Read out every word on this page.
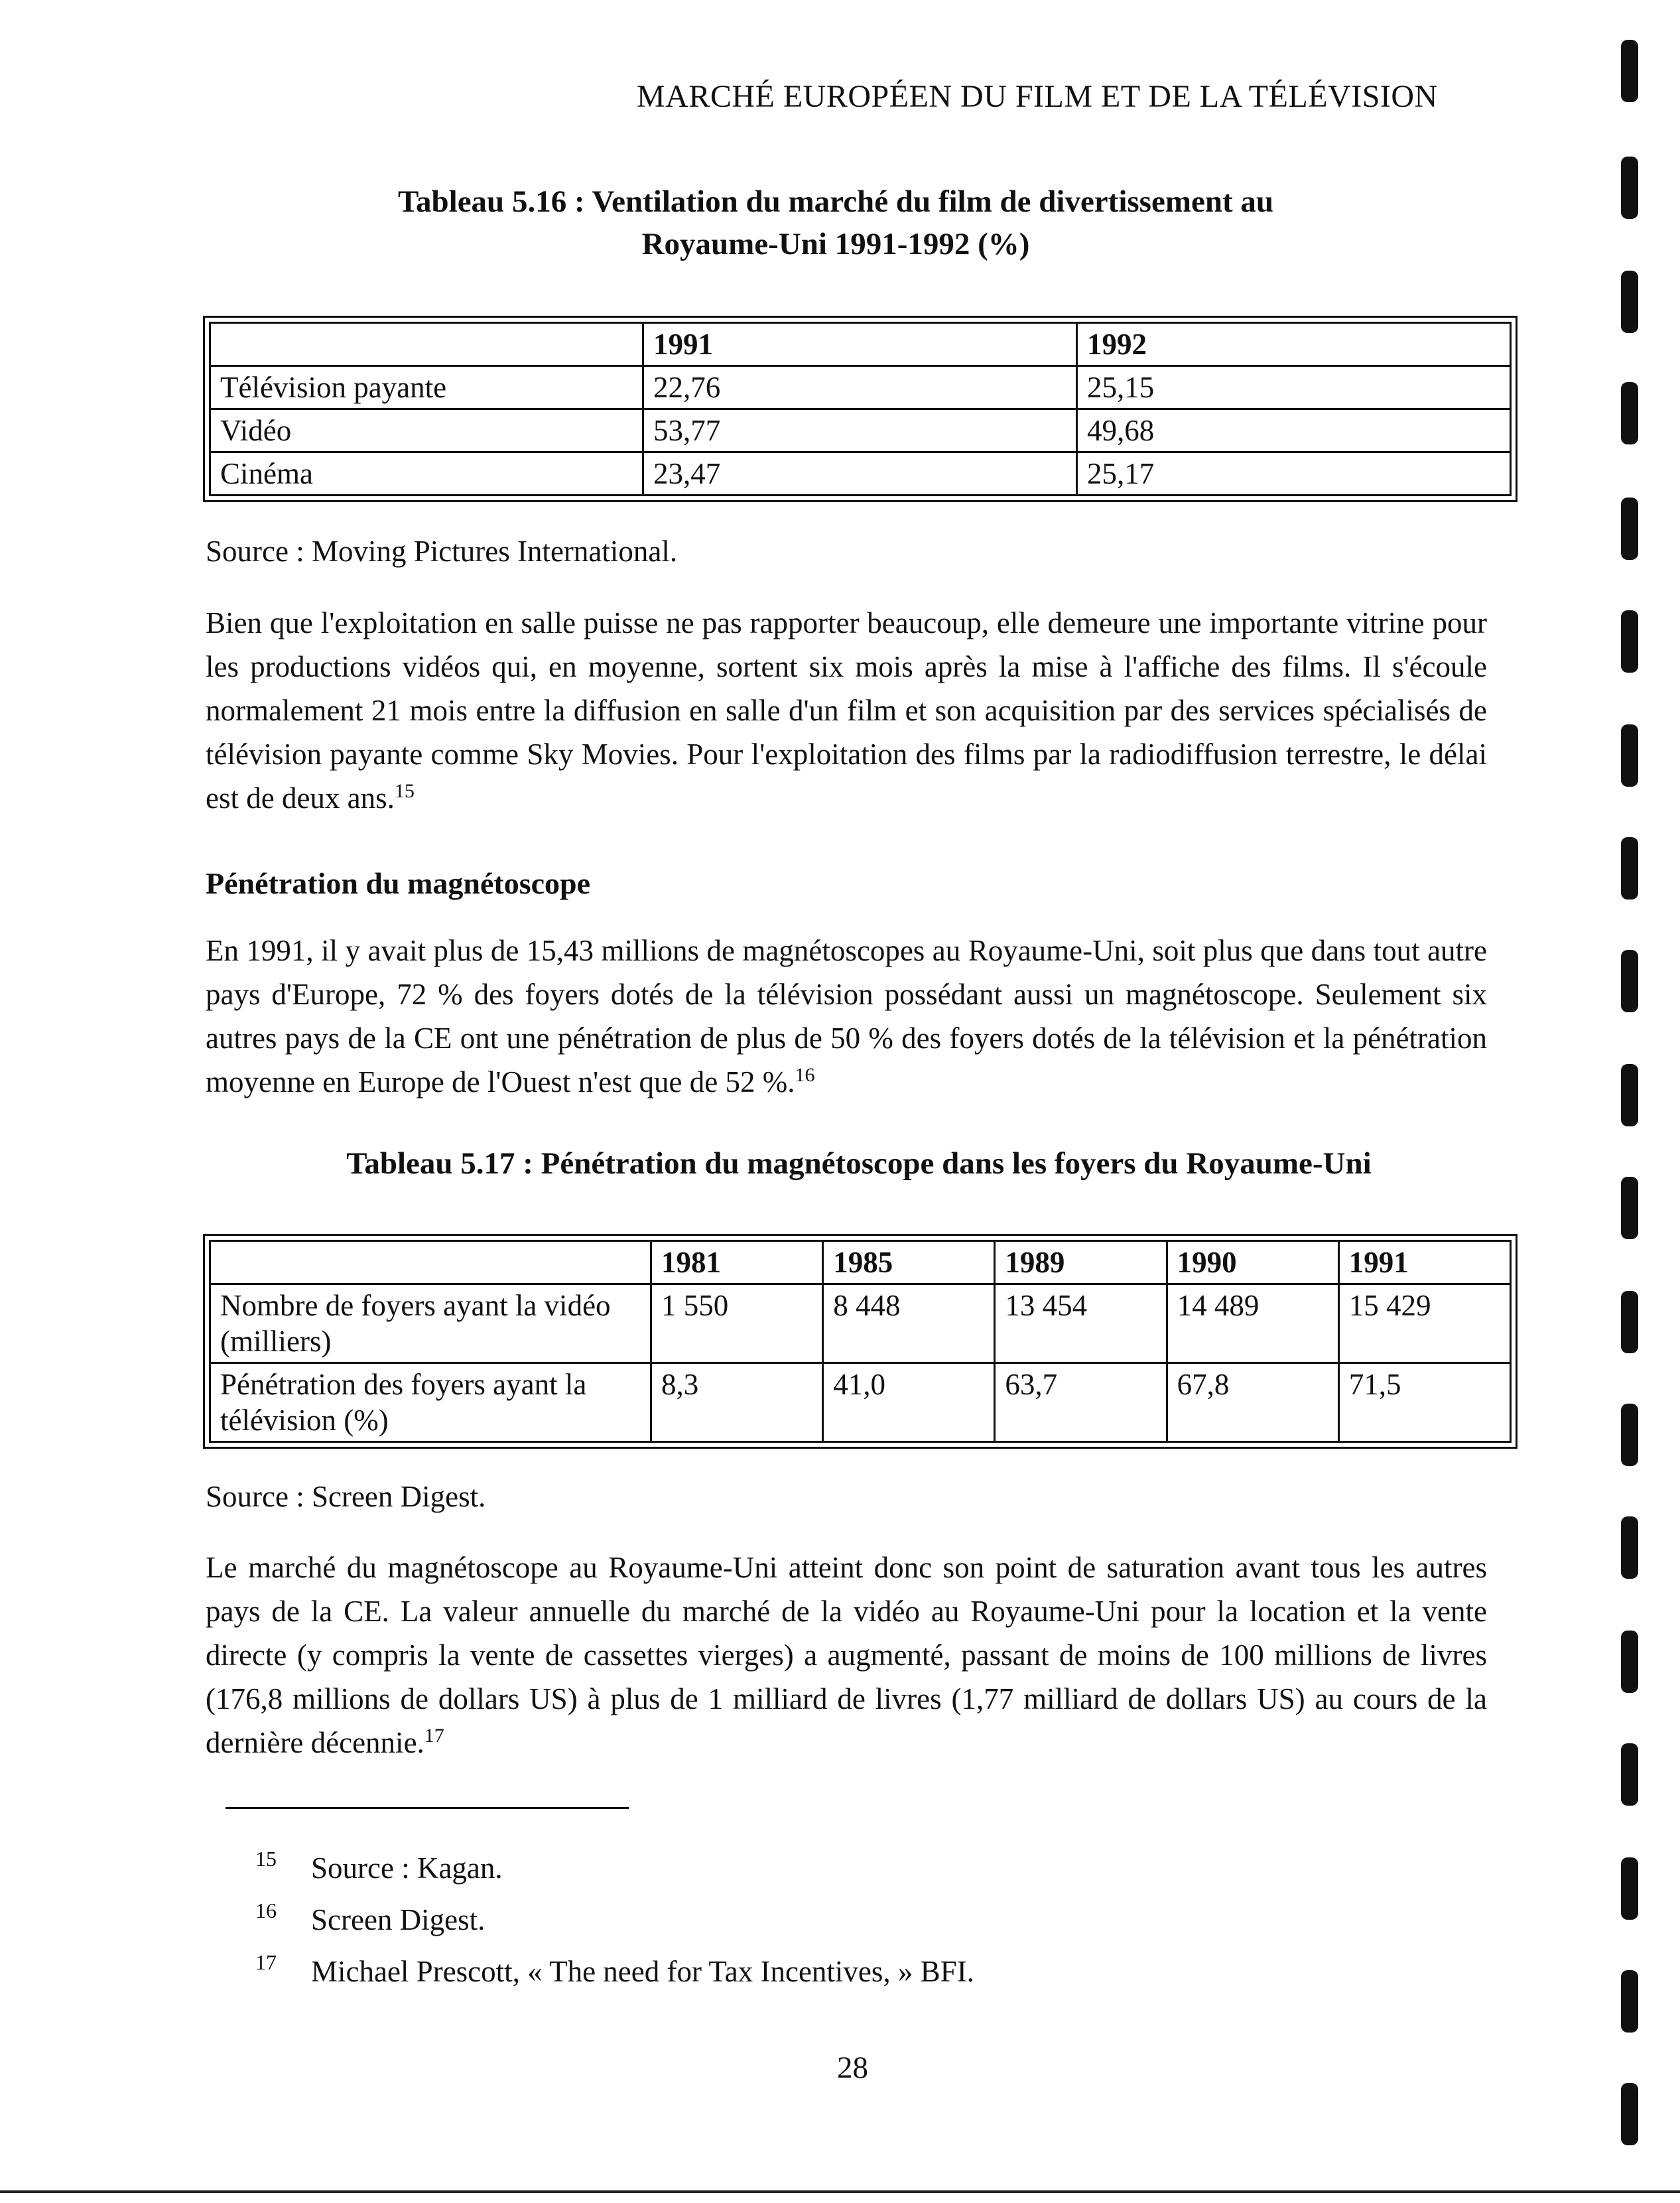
MARCHÉ EUROPÉEN DU FILM ET DE LA TÉLÉVISION
Tableau 5.16 : Ventilation du marché du film de divertissement au
Royaume-Uni 1991-1992 (%)
	1991	1992
Télévision payante	22,76	25,15
Vidéo	53,77	49,68
Cinéma	23,47	25,17
Source : Moving Pictures International.
Bien que l'exploitation en salle puisse ne pas rapporter beaucoup, elle demeure une importante vitrine pour les productions vidéos qui, en moyenne, sortent six mois après la mise à l'affiche des films. Il s'écoule normalement 21 mois entre la diffusion en salle d'un film et son acquisition par des services spécialisés de télévision payante comme Sky Movies. Pour l'exploitation des films par la radiodiffusion terrestre, le délai est de deux ans.$^{15}$
Pénétration du magnétoscope
En 1991, il y avait plus de 15,43 millions de magnétoscopes au Royaume-Uni, soit plus que dans tout autre pays d'Europe, 72 % des foyers dotés de la télévision possédant aussi un magnétoscope. Seulement six autres pays de la CE ont une pénétration de plus de 50 % des foyers dotés de la télévision et la pénétration moyenne en Europe de l'Ouest n'est que de 52 %.$^{16}$
Tableau 5.17 : Pénétration du magnétoscope dans les foyers du Royaume-Uni
	1981	1985	1989	1990	1991
Nombre de foyers ayant la vidéo (milliers)	1 550	8 448	13 454	14 489	15 429
Pénétration des foyers ayant la télévision (%)	8,3	41,0	63,7	67,8	71,5
Source : Screen Digest.
Le marché du magnétoscope au Royaume-Uni atteint donc son point de saturation avant tous les autres pays de la CE. La valeur annuelle du marché de la vidéo au Royaume-Uni pour la location et la vente directe (y compris la vente de cassettes vierges) a augmenté, passant de moins de 100 millions de livres (176,8 millions de dollars US) à plus de 1 milliard de livres (1,77 milliard de dollars US) au cours de la dernière décennie.$^{17}$
15 Source : Kagan.
16 Screen Digest.
17 Michael Prescott, « The need for Tax Incentives, » BFI.
28
